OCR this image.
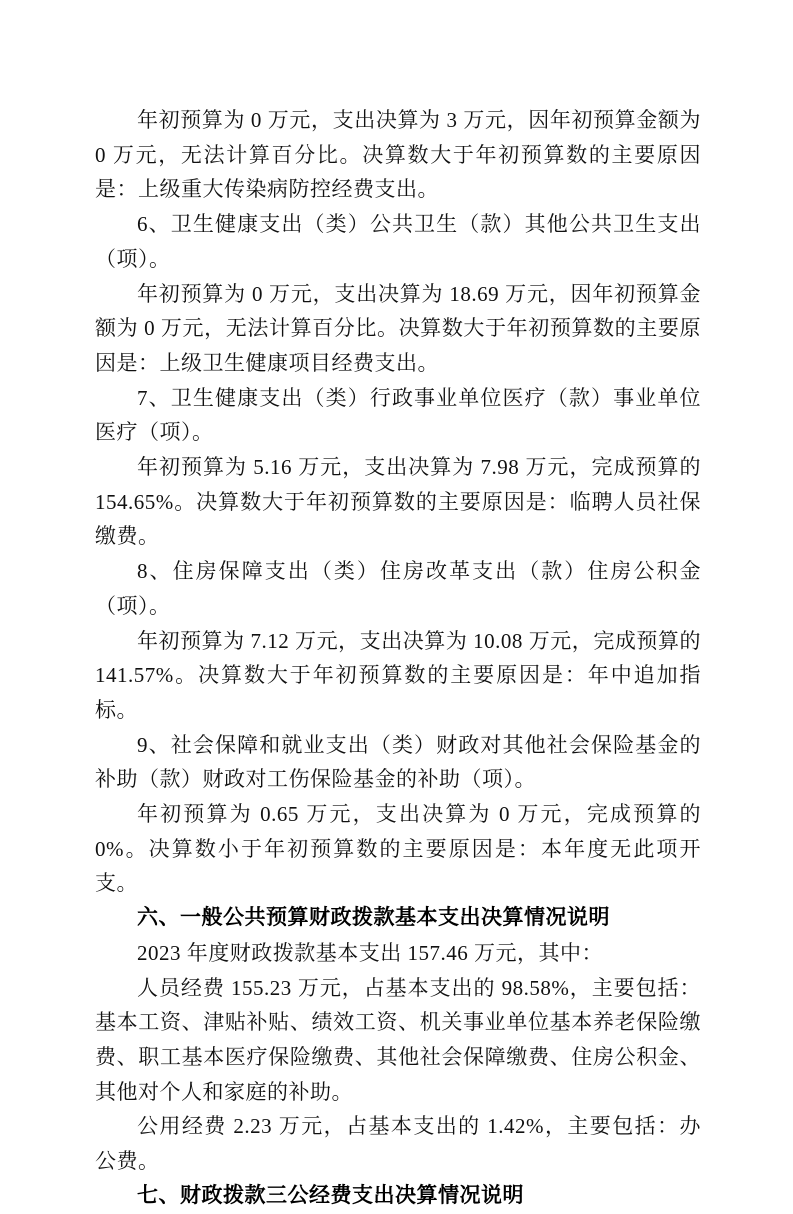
年初预算为 0 万元，支出决算为 3 万元，因年初预算金额为 0 万元，无法计算百分比。决算数大于年初预算数的主要原因是：上级重大传染病防控经费支出。

6、卫生健康支出（类）公共卫生（款）其他公共卫生支出（项）。

年初预算为 0 万元，支出决算为 18.69 万元，因年初预算金额为 0 万元，无法计算百分比。决算数大于年初预算数的主要原因是：上级卫生健康项目经费支出。

7、卫生健康支出（类）行政事业单位医疗（款）事业单位医疗（项）。

年初预算为 5.16 万元，支出决算为 7.98 万元，完成预算的 154.65%。决算数大于年初预算数的主要原因是：临聘人员社保缴费。

8、住房保障支出（类）住房改革支出（款）住房公积金（项）。

年初预算为 7.12 万元，支出决算为 10.08 万元，完成预算的 141.57%。决算数大于年初预算数的主要原因是：年中追加指标。

9、社会保障和就业支出（类）财政对其他社会保险基金的补助（款）财政对工伤保险基金的补助（项）。

年初预算为 0.65 万元，支出决算为 0 万元，完成预算的 0%。决算数小于年初预算数的主要原因是：本年度无此项开支。

六、一般公共预算财政拨款基本支出决算情况说明

2023 年度财政拨款基本支出 157.46 万元，其中：

人员经费 155.23 万元，占基本支出的 98.58%，主要包括：基本工资、津贴补贴、绩效工资、机关事业单位基本养老保险缴费、职工基本医疗保险缴费、其他社会保障缴费、住房公积金、其他对个人和家庭的补助。

公用经费 2.23 万元，占基本支出的 1.42%，主要包括：办公费。

七、财政拨款三公经费支出决算情况说明
